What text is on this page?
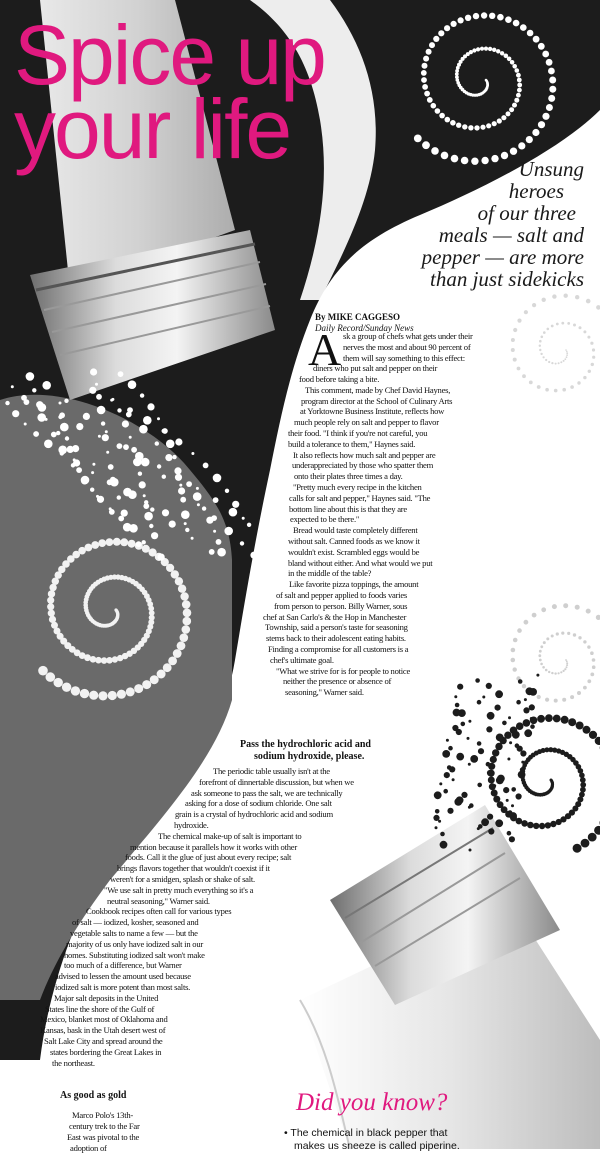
Spice up
your life	Unsung
heroes
of our three
meals — salt and
pepper — are more
than just sidekicks
By MIKE CAGGESO
Daily Record/Sunday News
A sk a group of chefs what gets under their
nerves the most and about 90 percent of
them will say something to this effect:
diners who put salt and pepper on their
food before taking a bite.
This comment, made by Chef David Haynes,
program director at the School of Culinary Arts
at Yorktowne Business Institute, reflects how
much people rely on salt and pepper to flavor
their food. "I think if you're not careful, you
build a tolerance to them," Haynes said.
It also reflects how much salt and pepper are
underappreciated by those who spatter them
onto their plates three times a day.
"Pretty much every recipe in the kitchen
calls for salt and pepper," Haynes said. "The
bottom line about this is that they are
expected to be there."
Bread would taste completely different
without salt. Canned foods as we know it
wouldn't exist. Scrambled eggs would be
bland without either. And what would we put
in the middle of the table?
Like favorite pizza toppings, the amount
of salt and pepper applied to foods varies
from person to person. Billy Warner, sous
chef at San Carlo's & the Hop in Manchester
Township, said a person's taste for seasoning
stems back to their adolescent eating habits.
Finding a compromise for all customers is a
chef's ultimate goal.
"What we strive for is for people to notice
neither the presence or absence of
seasoning," Warner said.
Pass the hydrochloric acid and
sodium hydroxide, please.
The periodic table usually isn't at the
forefront of dinnertable discussion, but when we
ask someone to pass the salt, we are technically
asking for a dose of sodium chloride. One salt
grain is a crystal of hydrochloric acid and sodium
hydroxide.
The chemical make-up of salt is important to
mention because it parallels how it works with other
foods. Call it the glue of just about every recipe; salt
brings flavors together that wouldn't coexist if it
weren't for a smidgen, splash or shake of salt.
"We use salt in pretty much everything so it's a
neutral seasoning," Warner said.
Cookbook recipes often call for various types
of salt — iodized, kosher, seasoned and
vegetable salts to name a few — but the
majority of us only have iodized salt in our
homes. Substituting iodized salt won't make
too much of a difference, but Warner
advised to lessen the amount used because
iodized salt is more potent than most salts.
Major salt deposits in the United
States line the shore of the Gulf of
Mexico, blanket most of Oklahoma and
Kansas, bask in the Utah desert west of
Salt Lake City and spread around the
states bordering the Great Lakes in
the northeast.
As good as gold
Marco Polo's 13th-
century trek to the Far
East was pivotal to the
adoption of
Did you know?
• The chemical in black pepper that
makes us sneeze is called piperine.
